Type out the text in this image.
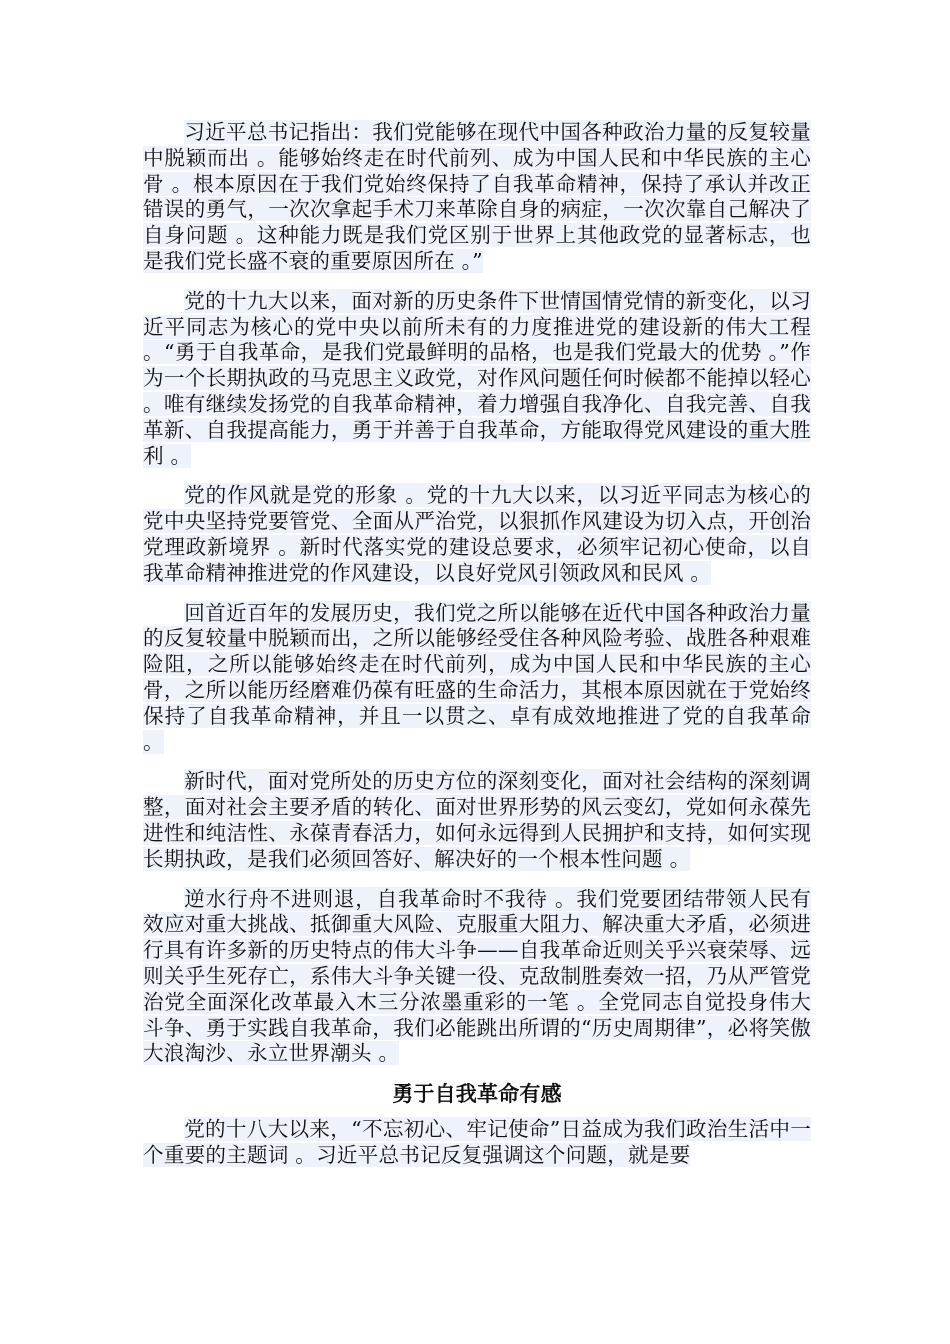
习近平总书记指出：我们党能够在现代中国各种政治力量的反复较量中脱颖而出 。能够始终走在时代前列、成为中国人民和中华民族的主心骨 。根本原因在于我们党始终保持了自我革命精神，保持了承认并改正错误的勇气，一次次拿起手术刀来革除自身的病症，一次次靠自己解决了自身问题 。这种能力既是我们党区别于世界上其他政党的显著标志，也是我们党长盛不衰的重要原因所在 。”

党的十九大以来，面对新的历史条件下世情国情党情的新变化，以习近平同志为核心的党中央以前所未有的力度推进党的建设新的伟大工程 。“勇于自我革命，是我们党最鲜明的品格，也是我们党最大的优势 。”作为一个长期执政的马克思主义政党，对作风问题任何时候都不能掉以轻心 。唯有继续发扬党的自我革命精神，着力增强自我净化、自我完善、自我革新、自我提高能力，勇于并善于自我革命，方能取得党风建设的重大胜利 。

党的作风就是党的形象 。党的十九大以来，以习近平同志为核心的党中央坚持党要管党、全面从严治党，以狠抓作风建设为切入点，开创治党理政新境界 。新时代落实党的建设总要求，必须牢记初心使命，以自我革命精神推进党的作风建设，以良好党风引领政风和民风 。

回首近百年的发展历史，我们党之所以能够在近代中国各种政治力量的反复较量中脱颖而出，之所以能够经受住各种风险考验、战胜各种艰难险阻，之所以能够始终走在时代前列，成为中国人民和中华民族的主心骨，之所以能历经磨难仍葆有旺盛的生命活力，其根本原因就在于党始终保持了自我革命精神，并且一以贯之、卓有成效地推进了党的自我革命 。

新时代，面对党所处的历史方位的深刻变化，面对社会结构的深刻调整，面对社会主要矛盾的转化、面对世界形势的风云变幻，党如何永葆先进性和纯洁性、永葆青春活力，如何永远得到人民拥护和支持，如何实现长期执政，是我们必须回答好、解决好的一个根本性问题 。

逆水行舟不进则退，自我革命时不我待 。我们党要团结带领人民有效应对重大挑战、抵御重大风险、克服重大阻力、解决重大矛盾，必须进行具有许多新的历史特点的伟大斗争——自我革命近则关乎兴衰荣辱、远则关乎生死存亡，系伟大斗争关键一役、克敌制胜奏效一招，乃从严管党治党全面深化改革最入木三分浓墨重彩的一笔 。全党同志自觉投身伟大斗争、勇于实践自我革命，我们必能跳出所谓的“历史周期律”，必将笑傲大浪淘沙、永立世界潮头 。

勇于自我革命有感

党的十八大以来，“不忘初心、牢记使命”日益成为我们政治生活中一个重要的主题词 。习近平总书记反复强调这个问题，就是要
